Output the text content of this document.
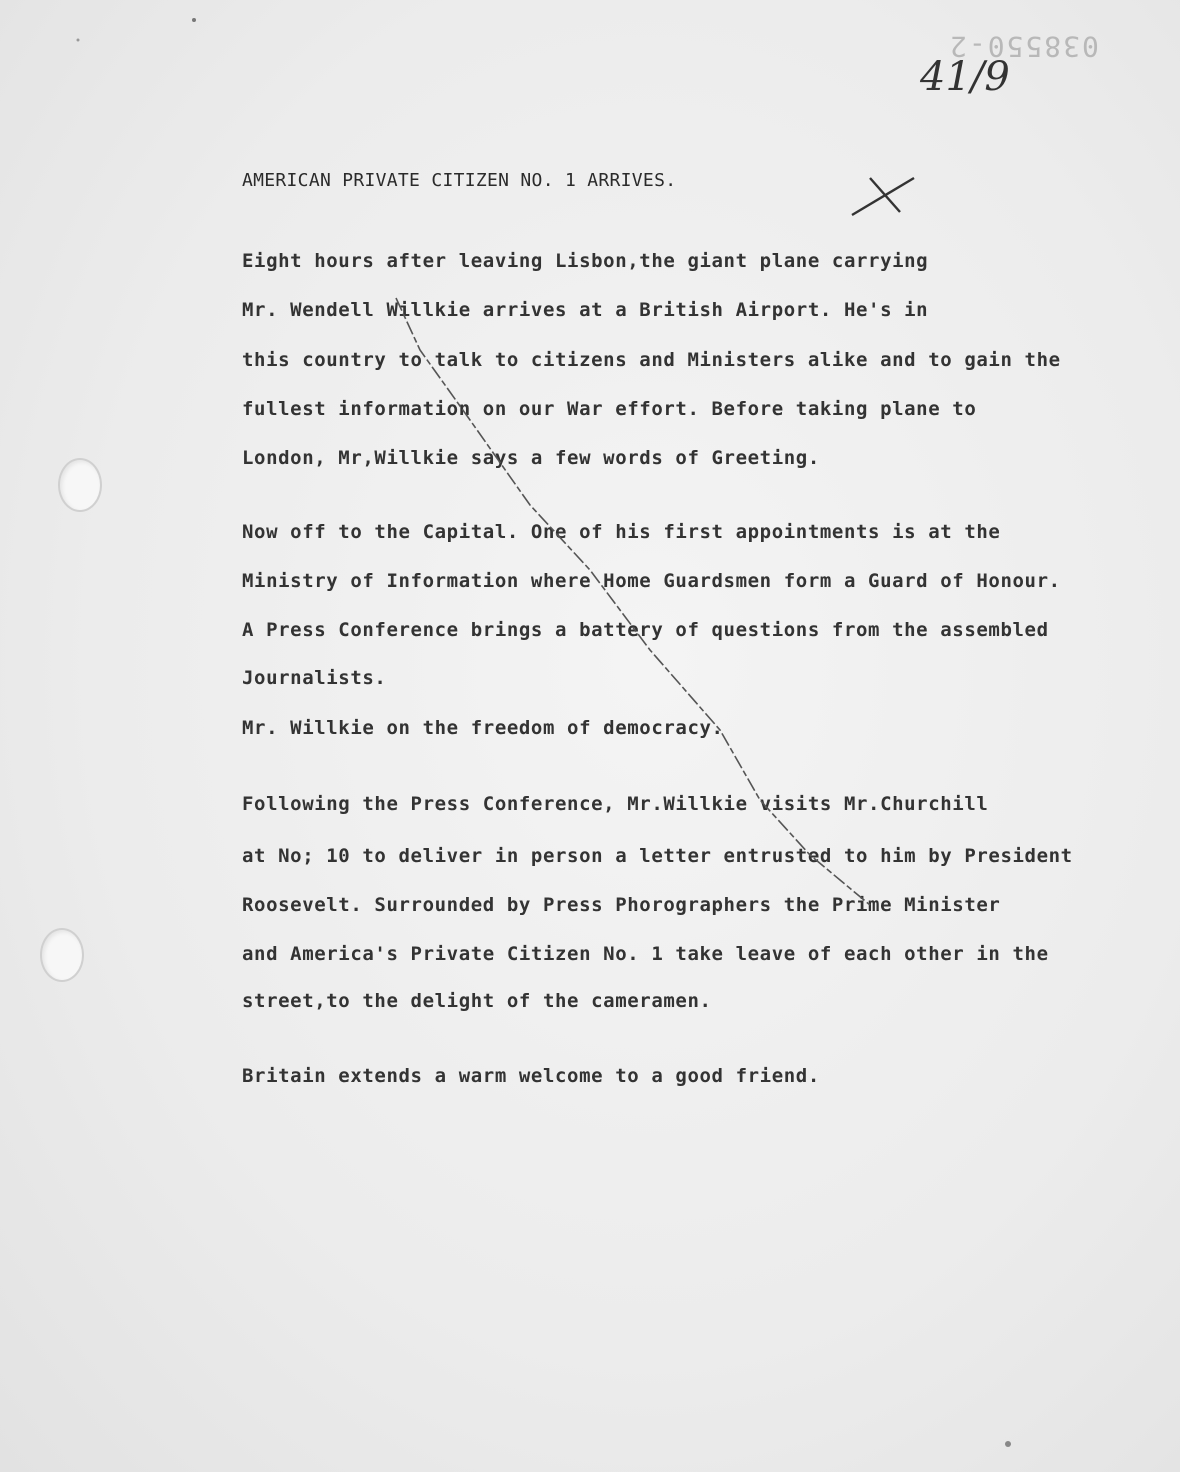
038550-2
41/9
AMERICAN PRIVATE CITIZEN NO. 1 ARRIVES.
Eight hours after leaving Lisbon,the giant plane carrying
Mr. Wendell Willkie arrives at a British Airport. He's in
this country to talk to citizens and Ministers alike and to gain the
fullest information on our War effort. Before taking plane to
London, Mr,Willkie says a few words of Greeting.
Now off to the Capital. One of his first appointments is at the
Ministry of Information where Home Guardsmen form a Guard of Honour.
A Press Conference brings a battery of questions from the assembled
Journalists.
Mr. Willkie on the freedom of democracy.
Following the Press Conference, Mr.Willkie visits Mr.Churchill
at No; 10 to deliver in person a letter entrusted to him by President
Roosevelt. Surrounded by Press Phorographers the Prime Minister
and America's Private Citizen No. 1 take leave of each other in the
street,to the delight of the cameramen.
Britain extends a warm welcome to a good friend.
